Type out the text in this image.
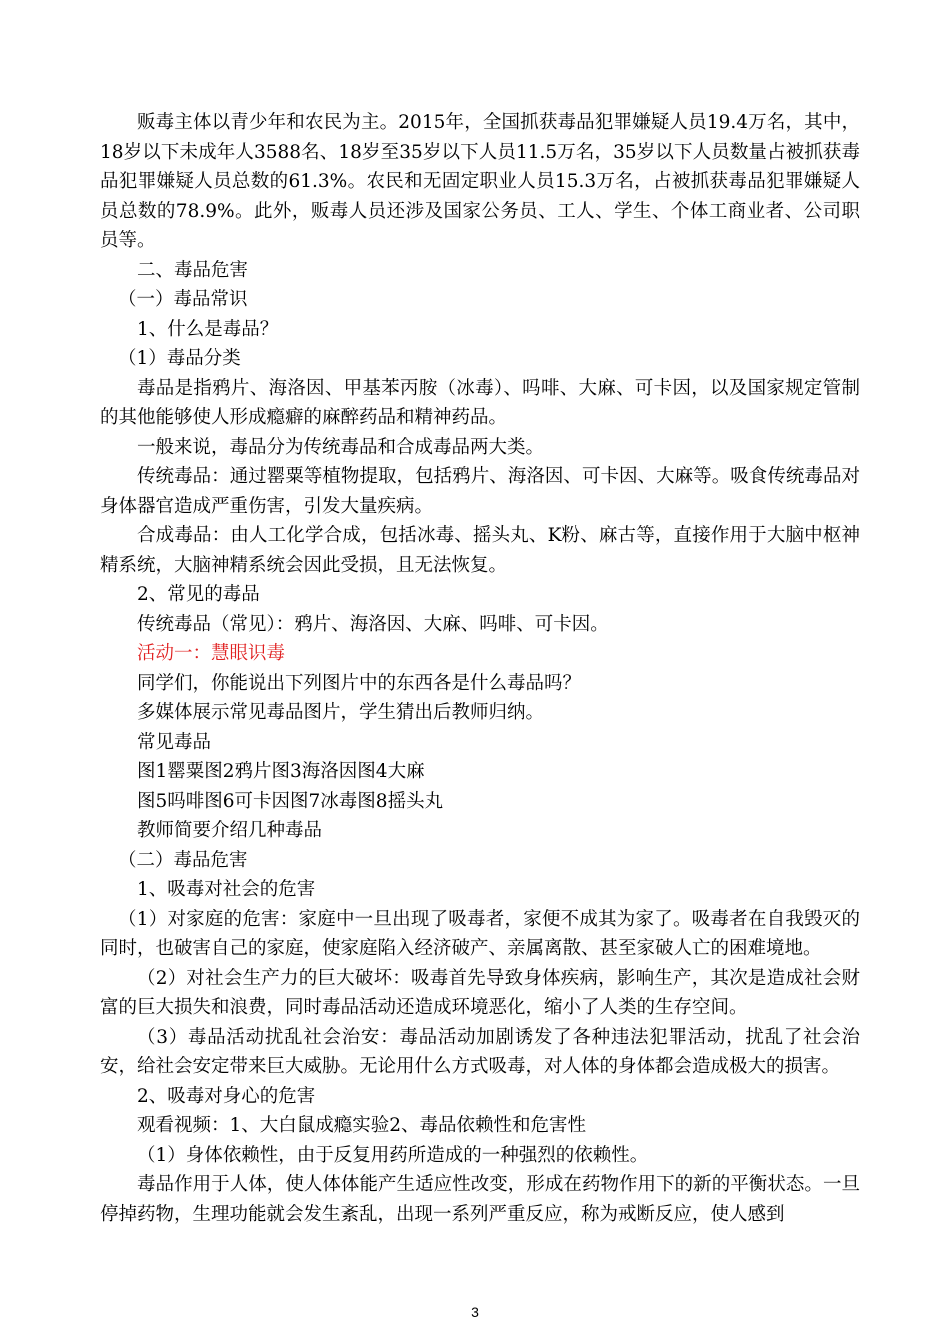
贩毒主体以青少年和农民为主。2015年，全国抓获毒品犯罪嫌疑人员19.4万名，其中，18岁以下未成年人3588名、18岁至35岁以下人员11.5万名，35岁以下人员数量占被抓获毒品犯罪嫌疑人员总数的61.3%。农民和无固定职业人员15.3万名，占被抓获毒品犯罪嫌疑人员总数的78.9%。此外，贩毒人员还涉及国家公务员、工人、学生、个体工商业者、公司职员等。

二、毒品危害

（一）毒品常识

1、什么是毒品？

（1）毒品分类

毒品是指鸦片、海洛因、甲基苯丙胺（冰毒）、吗啡、大麻、可卡因，以及国家规定管制的其他能够使人形成瘾癖的麻醉药品和精神药品。

一般来说，毒品分为传统毒品和合成毒品两大类。

传统毒品：通过罂粟等植物提取，包括鸦片、海洛因、可卡因、大麻等。吸食传统毒品对身体器官造成严重伤害，引发大量疾病。

合成毒品：由人工化学合成，包括冰毒、摇头丸、K粉、麻古等，直接作用于大脑中枢神精系统，大脑神精系统会因此受损，且无法恢复。

2、常见的毒品

传统毒品（常见）：鸦片、海洛因、大麻、吗啡、可卡因。

活动一：慧眼识毒

同学们，你能说出下列图片中的东西各是什么毒品吗？

多媒体展示常见毒品图片，学生猜出后教师归纳。

常见毒品

图1罂粟图2鸦片图3海洛因图4大麻

图5吗啡图6可卡因图7冰毒图8摇头丸

教师简要介绍几种毒品

（二）毒品危害

1、吸毒对社会的危害

（1）对家庭的危害：家庭中一旦出现了吸毒者，家便不成其为家了。吸毒者在自我毁灭的同时，也破害自己的家庭，使家庭陷入经济破产、亲属离散、甚至家破人亡的困难境地。

（2）对社会生产力的巨大破坏：吸毒首先导致身体疾病，影响生产，其次是造成社会财富的巨大损失和浪费，同时毒品活动还造成环境恶化，缩小了人类的生存空间。

（3）毒品活动扰乱社会治安：毒品活动加剧诱发了各种违法犯罪活动，扰乱了社会治安，给社会安定带来巨大威胁。无论用什么方式吸毒，对人体的身体都会造成极大的损害。

2、吸毒对身心的危害

观看视频：1、大白鼠成瘾实验2、毒品依赖性和危害性

（1）身体依赖性，由于反复用药所造成的一种强烈的依赖性。

毒品作用于人体，使人体体能产生适应性改变，形成在药物作用下的新的平衡状态。一旦停掉药物，生理功能就会发生紊乱，出现一系列严重反应，称为戒断反应，使人感到

3
